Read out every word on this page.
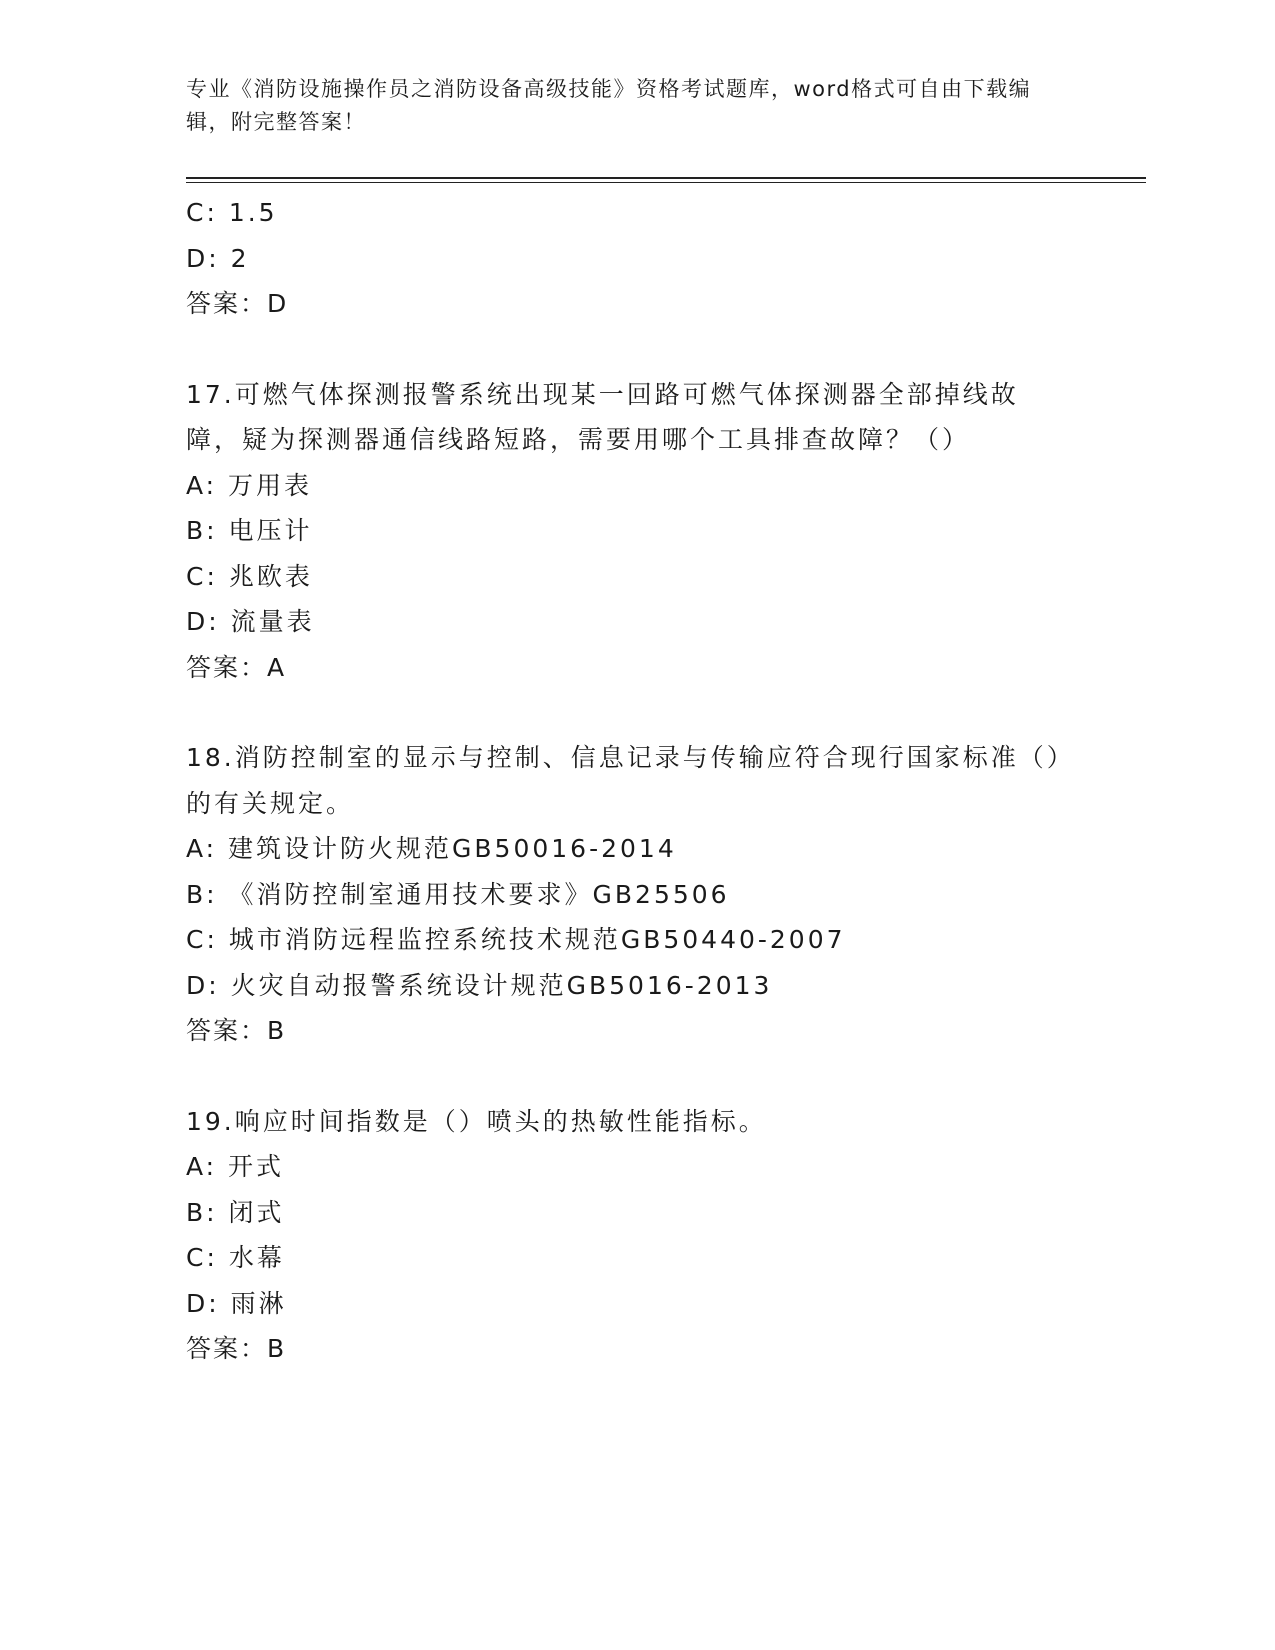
专业《消防设施操作员之消防设备高级技能》资格考试题库，word格式可自由下载编辑，附完整答案！
C: 1.5
D: 2
答案：D
17.可燃气体探测报警系统出现某一回路可燃气体探测器全部掉线故障，疑为探测器通信线路短路，需要用哪个工具排查故障？（）
A: 万用表
B: 电压计
C: 兆欧表
D: 流量表
答案：A
18.消防控制室的显示与控制、信息记录与传输应符合现行国家标准（）的有关规定。
A: 建筑设计防火规范GB50016-2014
B: 《消防控制室通用技术要求》GB25506
C: 城市消防远程监控系统技术规范GB50440-2007
D: 火灾自动报警系统设计规范GB5016-2013
答案：B
19.响应时间指数是（）喷头的热敏性能指标。
A: 开式
B: 闭式
C: 水幕
D: 雨淋
答案：B
